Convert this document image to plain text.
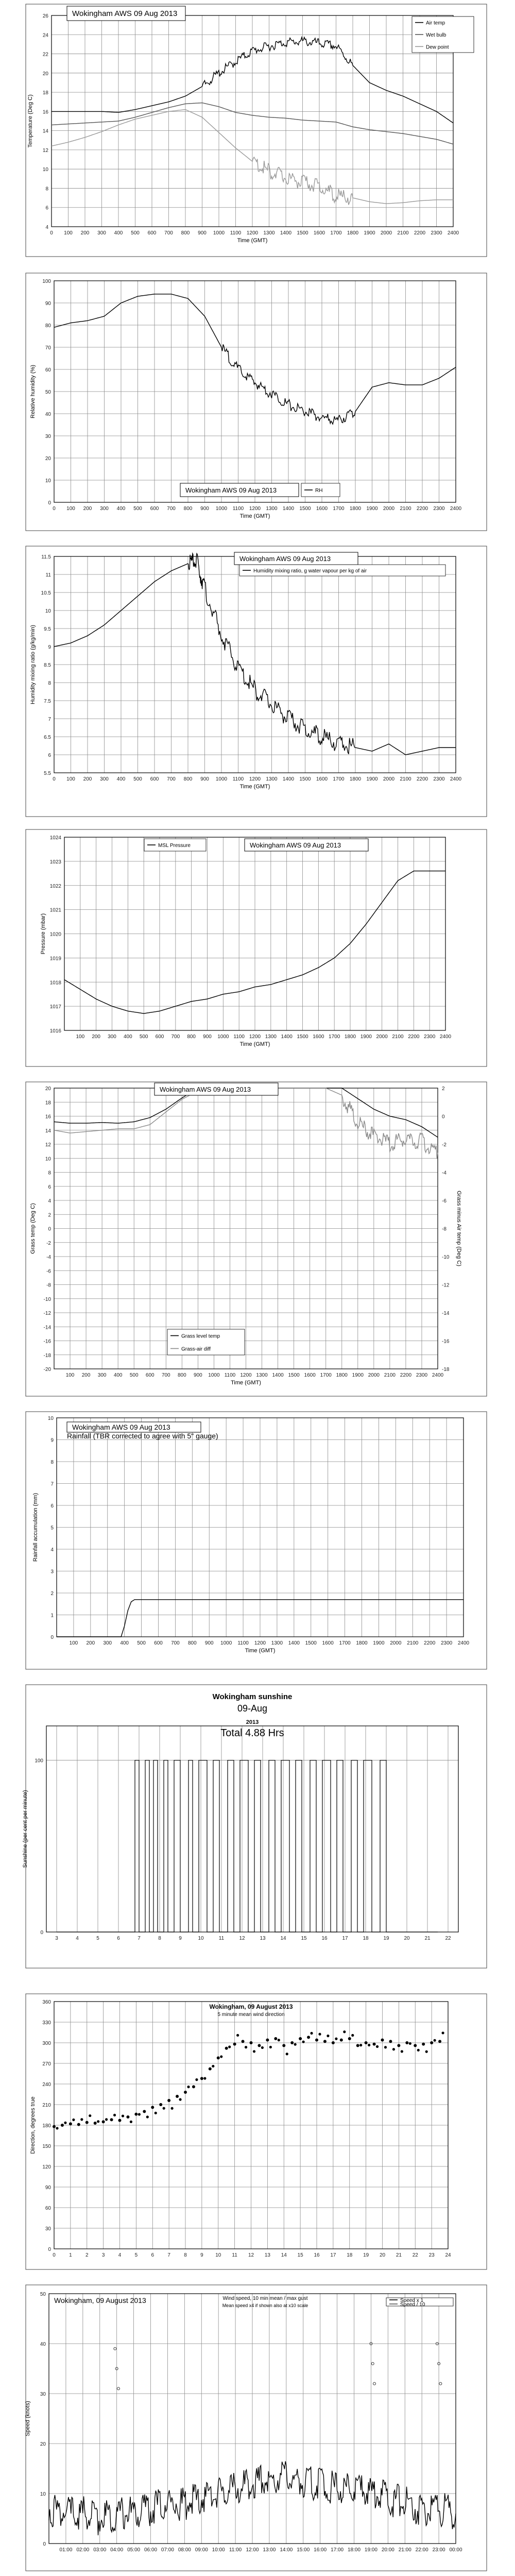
0 100 200 300 400 500 600 700 800 900 1000 1100 1200 1300 1400 1500 1600 1700 1800 1900 2000 2100 2200 2300 2400
4
6
8
10
12
14
16
18
20
22
24
26
Time (GMT)
Temperature (Deg C)
Wokingham AWS 09 Aug 2013
Air temp
Wet bulb
Dew point
0 100 200 300 400 500 600 700 800 900 1000 1100 1200 1300 1400 1500 1600 1700 1800 1900 2000 2100 2200 2300 2400
0
10
20
30
40
50
60
70
80
90
100
Time (GMT)
Relative humidity (%)
Wokingham AWS 09 Aug 2013	RH
0 100 200 300 400 500 600 700 800 900 1000 1100 1200 1300 1400 1500 1600 1700 1800 1900 2000 2100 2200 2300 2400
5.5
6
6.5
7
7.5
8
8.5
9
9.5
10
10.5
11
11.5
Time (GMT)
Humidity mixing ratio (g/kg/min)
Wokingham AWS 09 Aug 2013
Humidity mixing ratio, g water vapour per kg of air
100 200 300 400 500 600 700 800 900 1000 1100 1200 1300 1400 1500 1600 1700 1800 1900 2000 2100 2200 2300 2400
1016
1017
1018
1019
1020
1021
1022
1023
1024
Time (GMT)
Pressure (mbar)
Wokingham AWS 09 Aug 2013
MSL Pressure
100 200 300 400 500 600 700 800 900 1000 1100 1200 1300 1400 1500 1600 1700 1800 1900 2000 2100 2200 2300 2400
-20
-18
-16
-14
-12
-10
-8
-6
-4
-2
0
2
4
6
8
10
12
14
16
18
20
-18
-16
-14
-12
-10
-8
-6
-4
-2
0
2
Time (GMT)
Grass temp (Deg C)	Grass minus Air temp (Deg C)
Wokingham AWS 09 Aug 2013
Grass level temp
Grass-air diff
100 200 300 400 500 600 700 800 900 1000 1100 1200 1300 1400 1500 1600 1700 1800 1900 2000 2100 2200 2300 2400
0
1
2
3
4
5
6
7
8
9
10
Time (GMT)
Rainfall accumulation (mm)
Wokingham AWS 09 Aug 2013
Rainfall (TBR corrected to agree with 5" gauge)
3	4	5	6	7	8	9	10	11	12	13	14	15	16	17	18	19	20	21	22
0
100
Sunshine (per cent per minute)
Wokingham sunshine
09-Aug
2013
Total 4.88 Hrs
0	1	2	3	4	5	6	7	8	9 10 11 12 13 14 15 16 17 18 19 20 21 22 23 24
0
30
60
90
120
150
180
210
240
270
300
330
360
Direction, degrees true
Wokingham, 09 August 2013
5 minute mean wind direction
01:00 02:00 03:00 04:00 05:00 06:00 07:00 08:00 09:00 10:00 11:00 12:00 13:00 14:00 15:00 16:00 17:00 18:00 19:00 20:00 21:00 22:00 23:00 00:00
0
10
20
30
40
50
Speed (knots)
Wokingham, 09 August 2013	Wind speed, 10 min mean / max gust
Mean speed x4 if shown also at x10 scale
Speed x 1
Speed / 10
